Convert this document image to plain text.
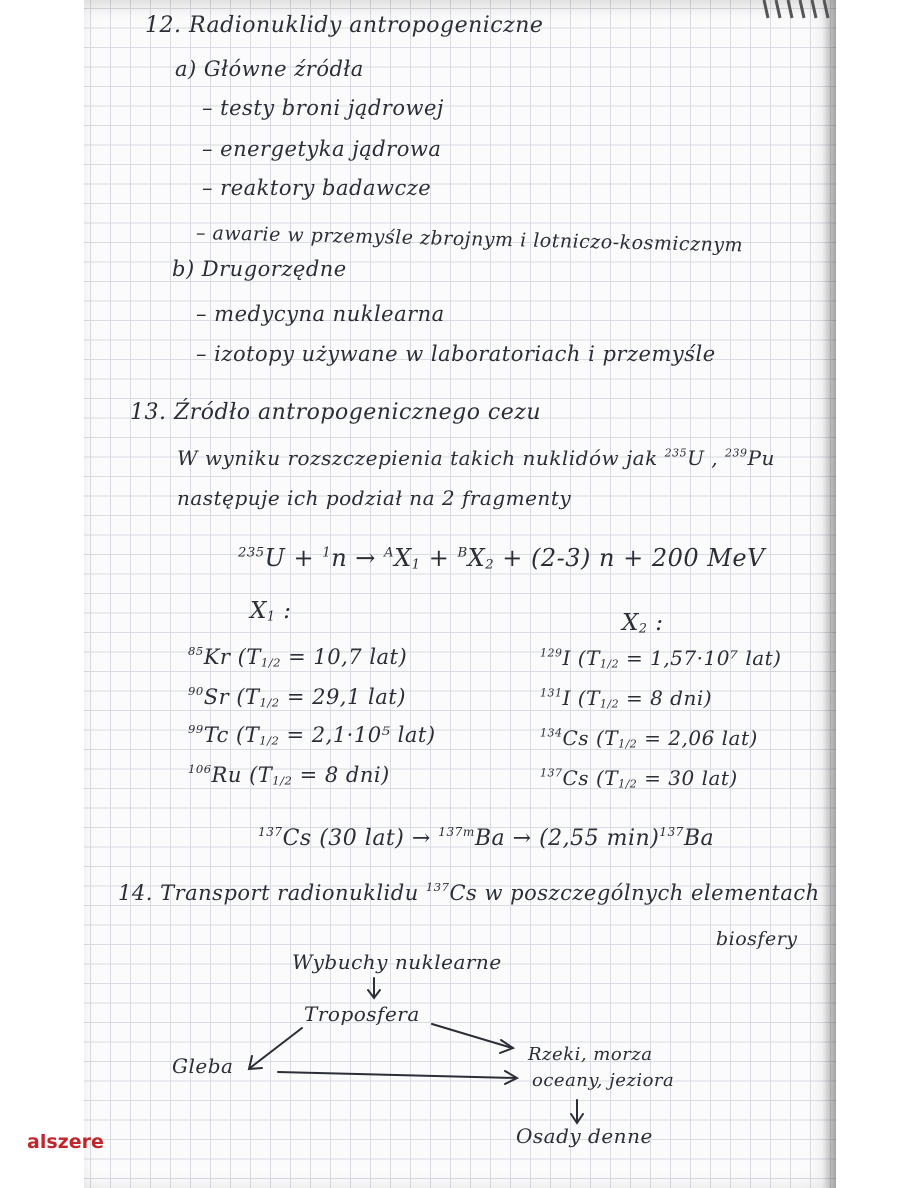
12. Radionuklidy antropogeniczne
a) Główne źródła
– testy broni jądrowej
– energetyka jądrowa
– reaktory badawcze
– awarie w przemyśle zbrojnym i lotniczo-kosmicznym
b) Drugorzędne
– medycyna nuklearna
– izotopy używane w laboratoriach i przemyśle
13. Źródło antropogenicznego cezu
W wyniku rozszczepienia takich nuklidów jak $^{235}$U , $^{239}$Pu
następuje ich podział na 2 fragmenty
$^{235}$U + $^1$n → $^A$X1 + $^B$X2 + (2-3) n + 200 MeV
X1 :	X2 :
$^{85}$Kr (T1/2 = 10,7 lat)
$^{90}$Sr (T1/2 = 29,1 lat)
$^{99}$Tc (T1/2 = 2,1·10⁵ lat)
$^{106}$Ru (T1/2 = 8 dni)
$^{129}$I (T1/2 = 1,57·10⁷ lat)
$^{131}$I (T1/2 = 8 dni)
$^{134}$Cs (T1/2 = 2,06 lat)
$^{137}$Cs (T1/2 = 30 lat)
$^{137}$Cs (30 lat) → $^{137m}$Ba → (2,55 min)$^{137}$Ba
14. Transport radionuklidu $^{137}$Cs w poszczególnych elementach
biosfery
Wybuchy nuklearne
Troposfera
Gleba	Rzeki, morza
oceany, jeziora
Osady denne
alszere
